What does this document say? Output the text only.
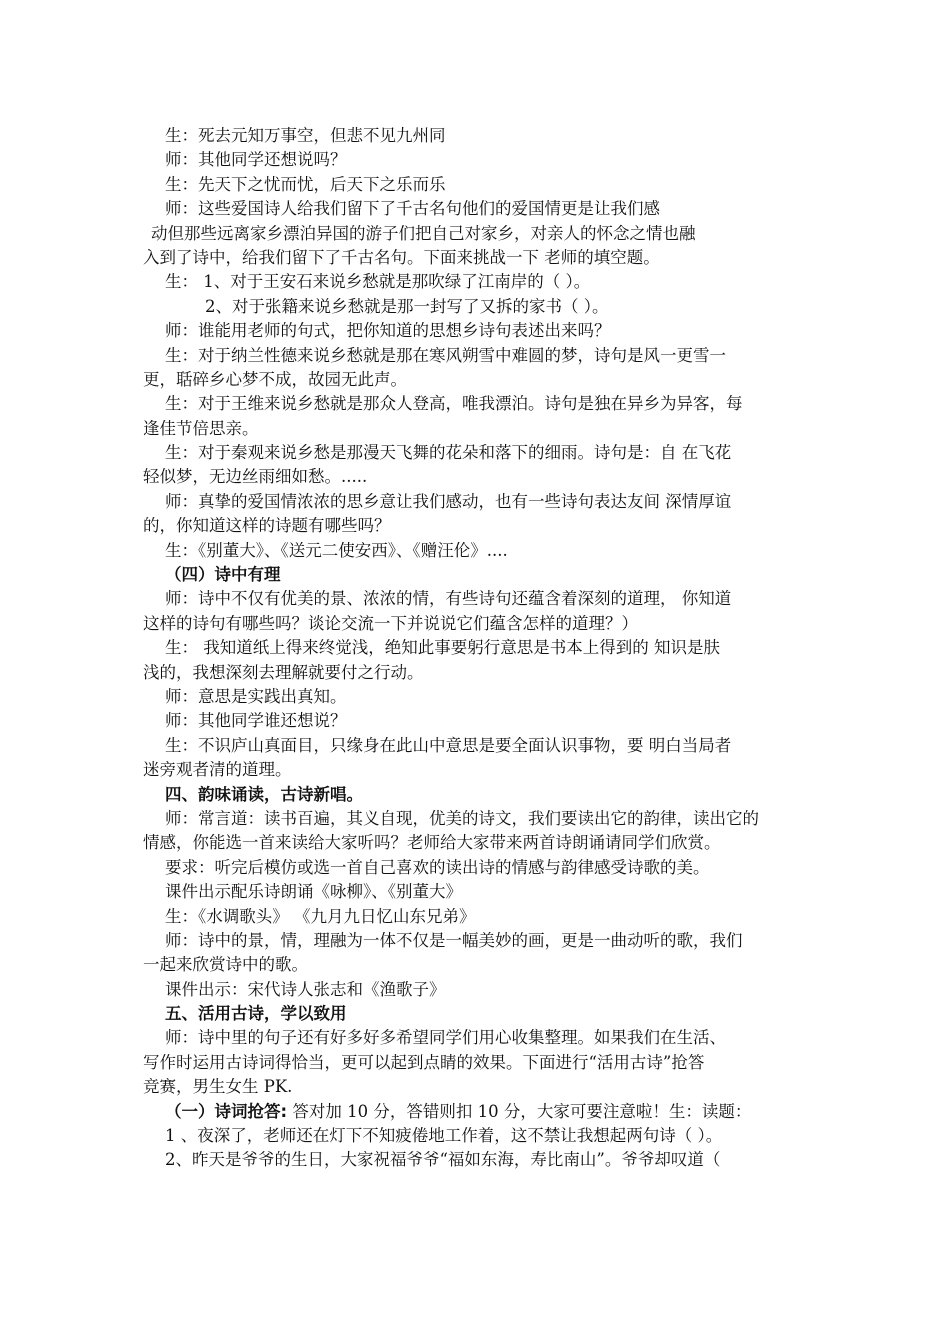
生：死去元知万事空，但悲不见九州同
师：其他同学还想说吗？
生：先天下之忧而忧，后天下之乐而乐
师：这些爱国诗人给我们留下了千古名句他们的爱国情更是让我们感
动但那些远离家乡漂泊异国的游子们把自己对家乡，对亲人的怀念之情也融
入到了诗中，给我们留下了千古名句。下面来挑战一下 老师的填空题。
生： 1、对于王安石来说乡愁就是那吹绿了江南岸的（ ）。
2、对于张籍来说乡愁就是那一封写了又拆的家书（ ）。
师：谁能用老师的句式，把你知道的思想乡诗句表述出来吗？
生：对于纳兰性德来说乡愁就是那在寒风朔雪中难圆的梦，诗句是风一更雪一
更，聒碎乡心梦不成，故园无此声。
生：对于王维来说乡愁就是那众人登高，唯我漂泊。诗句是独在异乡为异客，每
逢佳节倍思亲。
生：对于秦观来说乡愁是那漫天飞舞的花朵和落下的细雨。诗句是：自 在飞花
轻似梦，无边丝雨细如愁。.....
师：真挚的爱国情浓浓的思乡意让我们感动，也有一些诗句表达友间 深情厚谊
的，你知道这样的诗题有哪些吗？
生：《别董大》、《送元二使安西》、《赠汪伦》....
（四）诗中有理
师：诗中不仅有优美的景、浓浓的情，有些诗句还蕴含着深刻的道理， 你知道
这样的诗句有哪些吗？谈论交流一下并说说它们蕴含怎样的道理？）
生： 我知道纸上得来终觉浅，绝知此事要躬行意思是书本上得到的 知识是肤
浅的，我想深刻去理解就要付之行动。
师：意思是实践出真知。
师：其他同学谁还想说？
生：不识庐山真面目，只缘身在此山中意思是要全面认识事物，要 明白当局者
迷旁观者清的道理。
四、韵味诵读，古诗新唱。
师：常言道：读书百遍，其义自现，优美的诗文，我们要读出它的韵律，读出它的
情感，你能选一首来读给大家听吗？老师给大家带来两首诗朗诵请同学们欣赏。
要求：听完后模仿或选一首自己喜欢的读出诗的情感与韵律感受诗歌的美。
课件出示配乐诗朗诵《咏柳》、《别董大》
生：《水调歌头》 《九月九日忆山东兄弟》
师：诗中的景，情，理融为一体不仅是一幅美妙的画，更是一曲动听的歌，我们
一起来欣赏诗中的歌。
课件出示：宋代诗人张志和《渔歌子》
五、活用古诗，学以致用
师：诗中里的句子还有好多好多希望同学们用心收集整理。如果我们在生活、
写作时运用古诗词得恰当，更可以起到点睛的效果。下面进行“活用古诗”抢答
竞赛，男生女生 PK.
（一）诗词抢答: 答对加 10 分，答错则扣 10 分，大家可要注意啦！生：读题：
1 、夜深了，老师还在灯下不知疲倦地工作着，这不禁让我想起两句诗（ ）。
2、昨天是爷爷的生日，大家祝福爷爷“福如东海，寿比南山”。爷爷却叹道（
